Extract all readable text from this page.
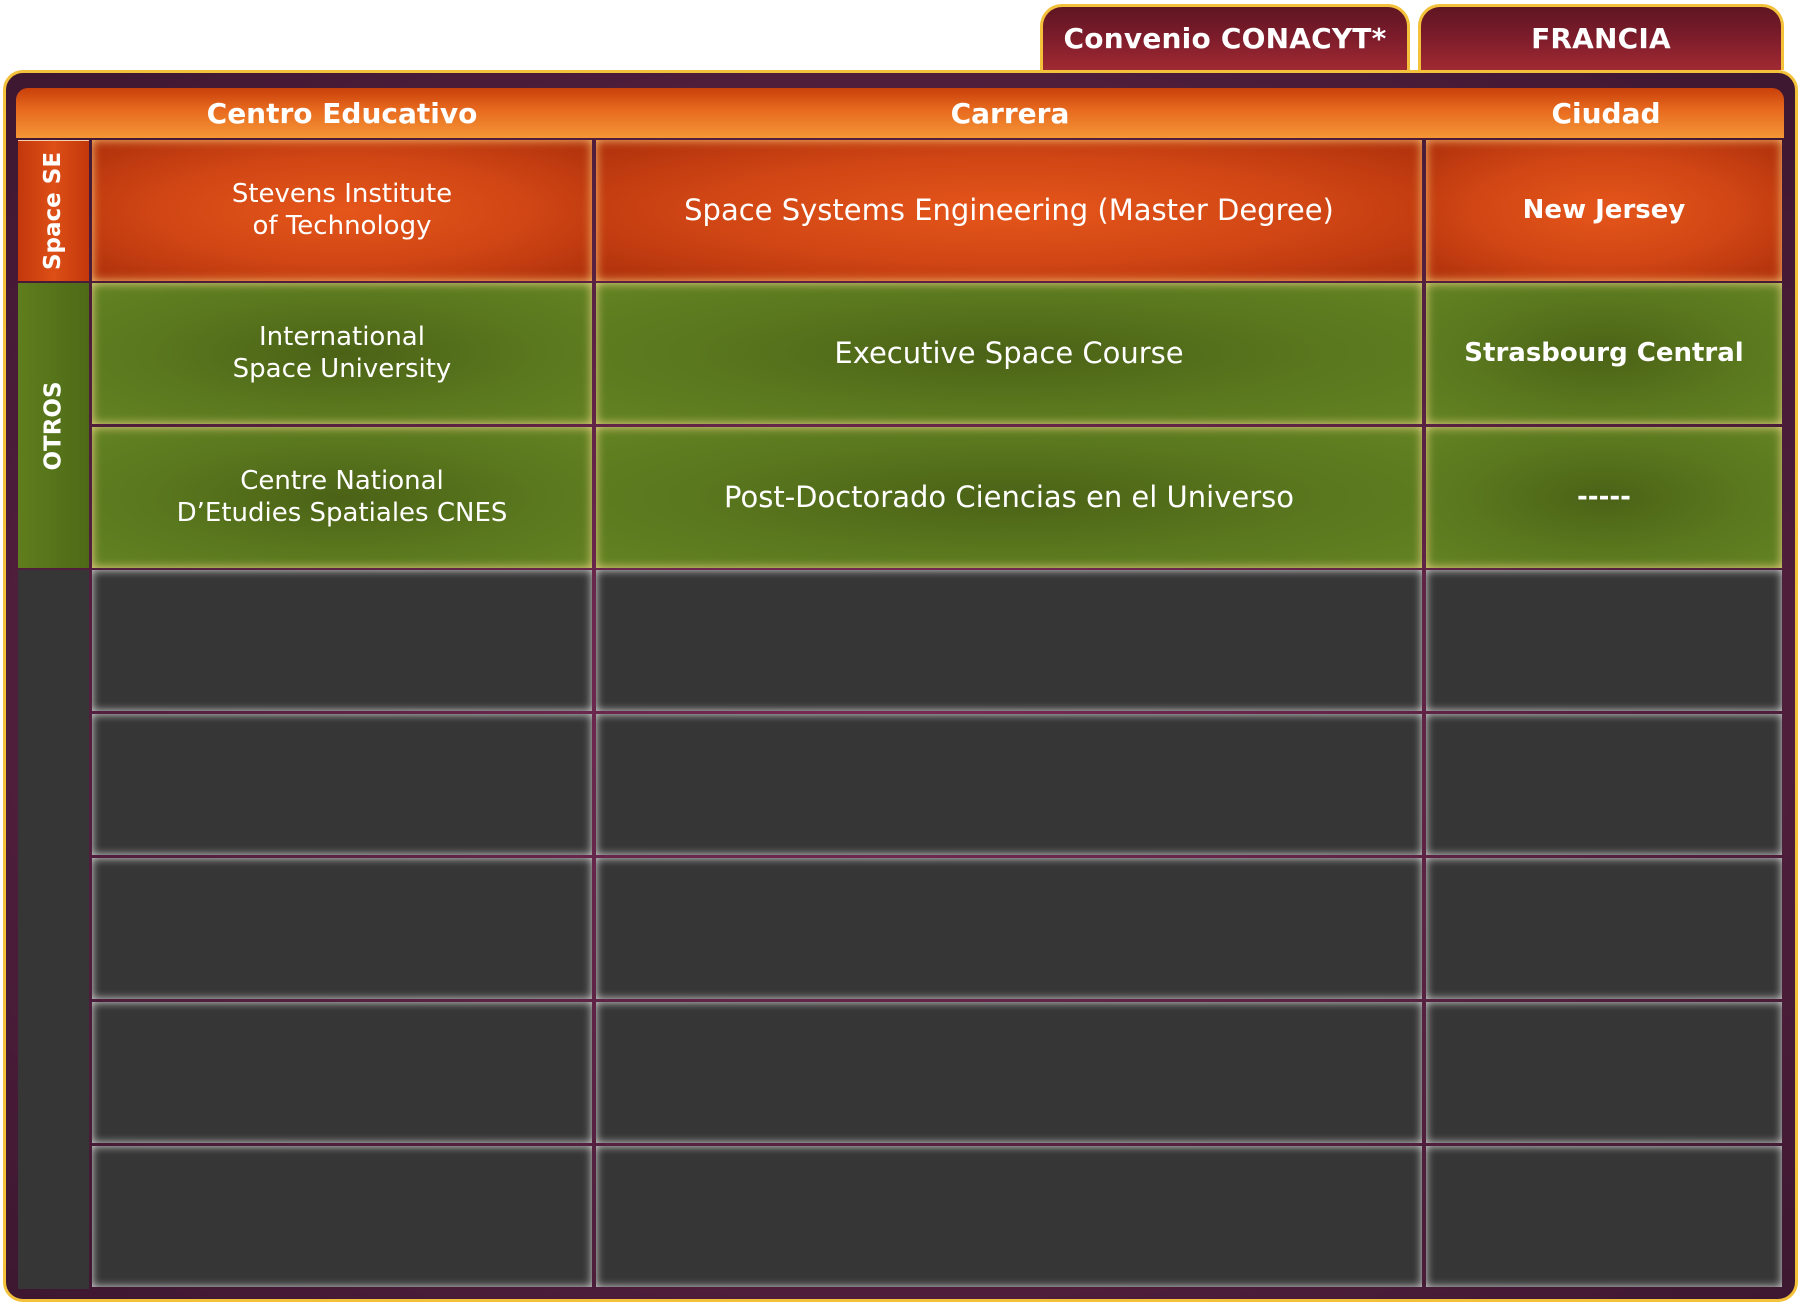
Convenio CONACYT*	FRANCIA
Centro Educativo	Carrera	Ciudad
Space SE
OTROS
Stevens Institute
of Technology	Space Systems Engineering (Master Degree)	New Jersey
International
Space University	Executive Space Course	Strasbourg Central
Centre National
D’Etudies Spatiales CNES	Post-Doctorado Ciencias en el Universo	-----
